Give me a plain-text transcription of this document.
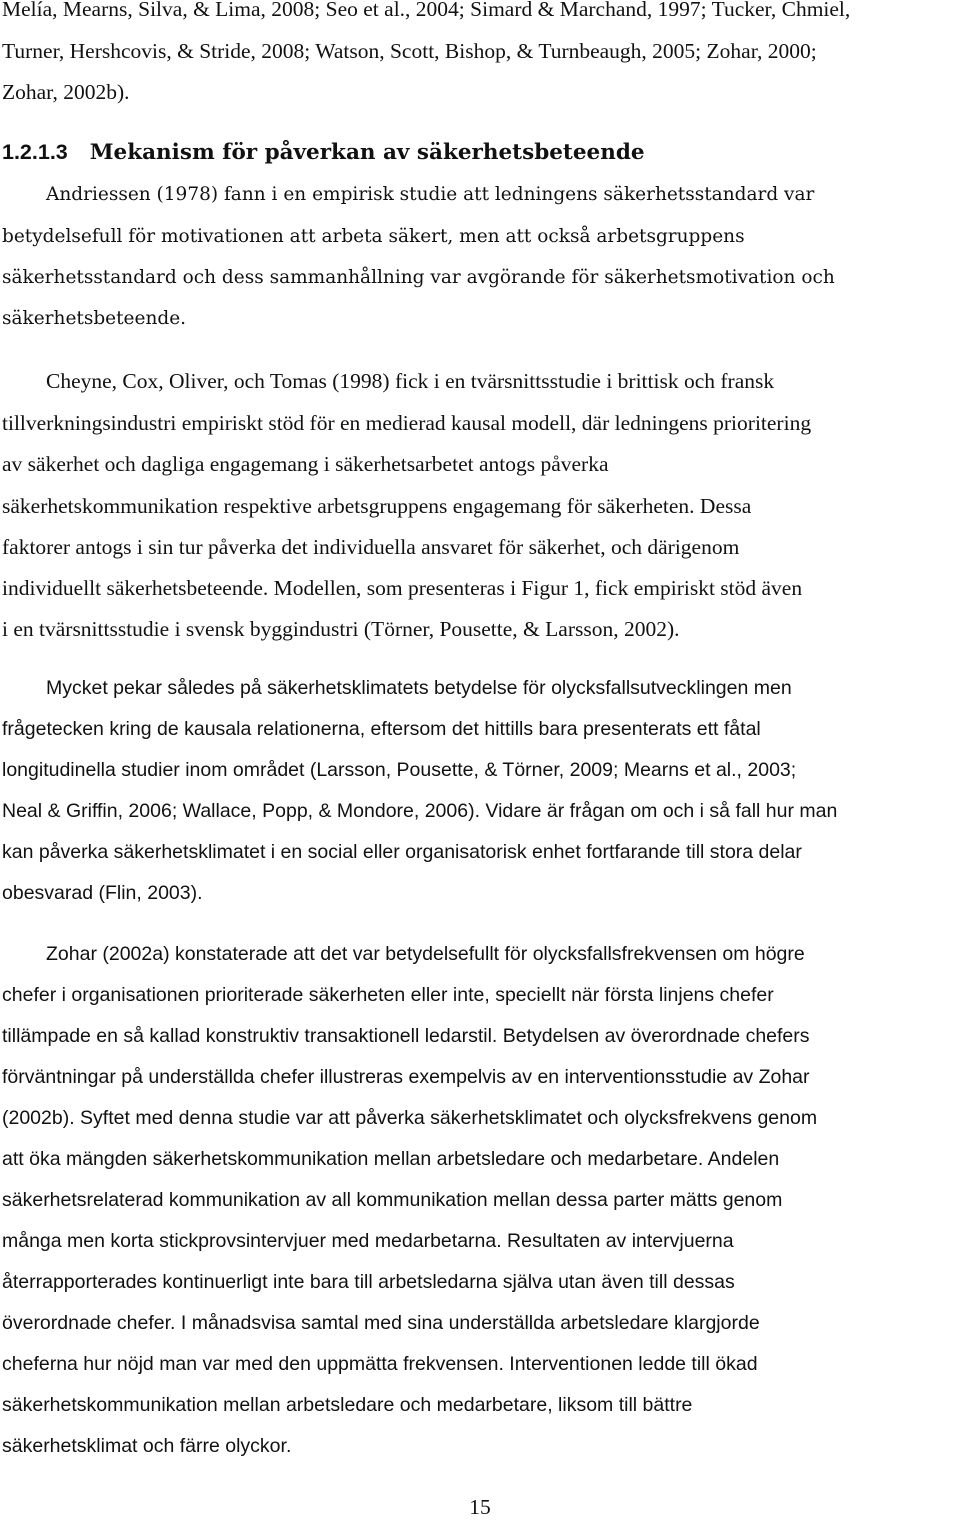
Melía, Mearns, Silva, & Lima, 2008; Seo et al., 2004; Simard & Marchand, 1997; Tucker, Chmiel,

Turner, Hershcovis, & Stride, 2008; Watson, Scott, Bishop, & Turnbeaugh, 2005; Zohar, 2000;

Zohar, 2002b).

1.2.1.3 Mekanism för påverkan av säkerhetsbeteende

Andriessen (1978) fann i en empirisk studie att ledningens säkerhetsstandard var

betydelsefull för motivationen att arbeta säkert, men att också arbetsgruppens

säkerhetsstandard och dess sammanhållning var avgörande för säkerhetsmotivation och

säkerhetsbeteende.

Cheyne, Cox, Oliver, och Tomas (1998) fick i en tvärsnittsstudie i brittisk och fransk

tillverkningsindustri empiriskt stöd för en medierad kausal modell, där ledningens prioritering

av säkerhet och dagliga engagemang i säkerhetsarbetet antogs påverka

säkerhetskommunikation respektive arbetsgruppens engagemang för säkerheten. Dessa

faktorer antogs i sin tur påverka det individuella ansvaret för säkerhet, och därigenom

individuellt säkerhetsbeteende. Modellen, som presenteras i Figur 1, fick empiriskt stöd även

i en tvärsnittsstudie i svensk byggindustri (Törner, Pousette, & Larsson, 2002).

Mycket pekar således på säkerhetsklimatets betydelse för olycksfallsutvecklingen men

frågetecken kring de kausala relationerna, eftersom det hittills bara presenterats ett fåtal

longitudinella studier inom området (Larsson, Pousette, & Törner, 2009; Mearns et al., 2003;

Neal & Griffin, 2006; Wallace, Popp, & Mondore, 2006). Vidare är frågan om och i så fall hur man

kan påverka säkerhetsklimatet i en social eller organisatorisk enhet fortfarande till stora delar

obesvarad (Flin, 2003).

Zohar (2002a) konstaterade att det var betydelsefullt för olycksfallsfrekvensen om högre

chefer i organisationen prioriterade säkerheten eller inte, speciellt när första linjens chefer

tillämpade en så kallad konstruktiv transaktionell ledarstil. Betydelsen av överordnade chefers

förväntningar på underställda chefer illustreras exempelvis av en interventionsstudie av Zohar

(2002b). Syftet med denna studie var att påverka säkerhetsklimatet och olycksfrekvens genom

att öka mängden säkerhetskommunikation mellan arbetsledare och medarbetare. Andelen

säkerhetsrelaterad kommunikation av all kommunikation mellan dessa parter mätts genom

många men korta stickprovsintervjuer med medarbetarna. Resultaten av intervjuerna

återrapporterades kontinuerligt inte bara till arbetsledarna själva utan även till dessas

överordnade chefer. I månadsvisa samtal med sina underställda arbetsledare klargjorde

cheferna hur nöjd man var med den uppmätta frekvensen. Interventionen ledde till ökad

säkerhetskommunikation mellan arbetsledare och medarbetare, liksom till bättre

säkerhetsklimat och färre olyckor.

15
